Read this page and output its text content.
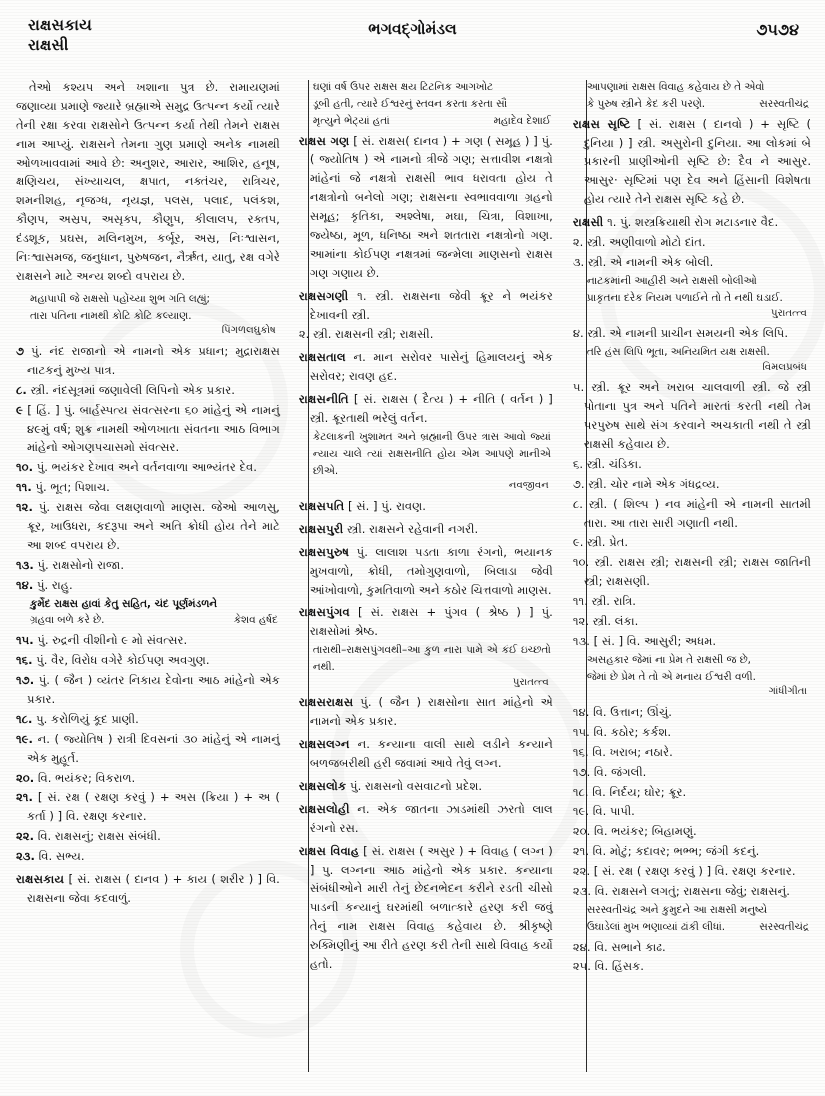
રાક્ષસકાય
રાક્ષસી
ભગવદ્ગોમંડલ	૭૫૭૪

તેઓ કશ્યપ અને ખશાના પુત્ર છે. રામાયણમાં જણાવ્યા પ્રમાણે જ્યારે બ્રહ્માએ સમુદ્ર ઉત્પન્ન કર્યો ત્યારે તેની રક્ષા કરવા રાક્ષસોને ઉત્પન્ન કર્યા તેથી તેમને રાક્ષસ નામ આપ્યું. રાક્ષસને તેમના ગુણ પ્રમાણે અનેક નામથી ઓળખાવવામાં આવે છે: અનુશર, આરાર, આશિર, હનૂષ, ક્ષણિચય, સંખ્યાચલ, ક્ષપાત, નક્તંચર, રાત્રિચર, શમનીશહ, નૃજગ્ધ, નૃયજ્ઞ, પલસ, પલાદ, પલંકશ, કૌણપ, અસ્રપ, અસૃક્પ, કૌણુપ, કીલાલપ, રક્તપ, દંડશૂક, પ્રઘસ, મલિનમુખ, કર્બૂર, અસ્ર, નિઃશ્વાસન, નિઃશ્વાસમજ, જનુધાન, પુરુષજન, નૈર્ઋત, યાતુ, રક્ષ વગેરે રાક્ષસને માટે અન્ય શબ્દો વપરાય છે.

મહાપાપી જે રાક્ષસો પહોંચ્યા શુભ ગતિ લહ્યું;
તારા પતિના નામથી કોટિ કોટિ કલ્યાણ.
પિંગળલઘુકોષ

૭ પું. નંદ રાજાનો એ નામનો એક પ્રધાન; મુદ્રારાક્ષસ નાટકનું મુખ્ય પાત્ર.

૮. સ્ત્રી. નંદસૂત્રમાં જણાવેલી લિપિનો એક પ્રકાર.

૯ [ હિં. ] પું. બાર્હસ્પત્ય સંવત્સરના ૬૦ માંહેનું એ નામનું ૪૯મું વર્ષ; શુક્ર નામથી ઓળખાતા સંવતના આઠ વિભાગ માંહેનો ઓગણપચાસમો સંવત્સર.

૧૦. પું. ભયંકર દેખાવ અને વર્તનવાળા આભ્યંતર દેવ.

૧૧. પું. ભૂત; પિશાચ.

૧૨. પું. રાક્ષસ જેવા લક્ષણવાળો માણસ. જેઓ આળસુ, ક્રૂર, ખાઉધરા, કદરૂપા અને અતિ ક્રોધી હોય તેને માટે આ શબ્દ વપરાય છે.

૧૩. પું. રાક્ષસોનો રાજા.

૧૪. પું. રાહુ.

કુર્મેદ રાક્ષસ હાવાં કેતુ સહિત, ચંદ પૂર્ણમંડળને
ગ્રહવા બળે કરે છે.	કેશવ હર્ષદ

૧૫. પું. રુદ્રની વીશીનો ૯ મો સંવત્સર.

૧૬. પું. વૈર, વિરોધ વગેરે કોઈપણ અવગુણ.

૧૭. પું. ( જૈન ) વ્યંતર નિકાય દેવોના આઠ માંહેનો એક પ્રકાર.

૧૮. પુ. કરોળિયું કૂદ પ્રાણી.

૧૯. ન. ( જ્યોતિષ ) રાત્રી દિવસનાં ૩૦ માંહેનું એ નામનું એક મુહૂર્ત.

૨૦. વિ. ભયંકર; વિકરાળ.

૨૧. [ સં. રક્ષ ( રક્ષણ કરવું ) + અસ (ક્રિયા ) + અ ( કર્તા ) ] વિ. રક્ષણ કરનાર.

૨૨. વિ. રાક્ષસનું; રાક્ષસ સંબંધી.

૨૩. વિ. સભ્ય.

રાક્ષસકાય [ સં. રાક્ષસ ( દાનવ ) + કાય ( શરીર ) ] વિ. રાક્ષસના જેવા કદવાળું.

ઘણાં વર્ષ ઉપર રાક્ષસ ક્ષય ટિટનિક આગખોટ
ડૂબી હતી, ત્યારે ઈશ્વરનું સ્તવન કરતા કરતા સૌ
મૃત્યુને ભેટ્યાં હતાં	મહાદેવ દેશાઈ

રાક્ષસ ગણ [ સં. રાક્ષસ( દાનવ ) + ગણ ( સમૂહ ) ] પું. ( જ્યોતિષ ) એ નામનો ત્રીજે ગણ; સત્તાવીશ નક્ષત્રો માંહેનાં જે નક્ષત્રો રાક્ષસી ભાવ ધરાવતા હોય તે નક્ષત્રોનો બનેલો ગણ; રાક્ષસના સ્વભાવવાળા ગ્રહનો સમૂહ; કૃતિકા, અશ્લેષા, મઘા, ચિત્રા, વિશાખા, જ્યેષ્ઠા, મૂળ, ધનિષ્ઠા અને શતતારા નક્ષત્રોનો ગણ. આમાંના કોઈપણ નક્ષત્રમાં જન્મેલા માણસનો રાક્ષસ ગણ ગણાય છે.

રાક્ષસગણી ૧. સ્ત્રી. રાક્ષસના જેવી ક્રૂર ને ભયંકર દેખાવની સ્ત્રી.

૨. સ્ત્રી. રાક્ષસની સ્ત્રી; રાક્ષસી.

રાક્ષસતાલ ન. માન સરોવર પાસેનું હિમાલયનું એક સરોવર; રાવણ હદ.

રાક્ષસનીતિ [ સં. રાક્ષસ ( દૈત્ય ) + નીતિ ( વર્તન ) ] સ્ત્રી. ક્રૂરતાથી ભરેલું વર્તન.

કેટલાકની ખુશામત અને બ્રહ્માની ઉપર ત્રાસ આવો જ્યાં ન્યાય ચાલે ત્યાં રાક્ષસનીતિ હોય એમ આપણે માનીએ છીએ.
નવજીવન

રાક્ષસપતિ [ સં. ] પું. રાવણ.

રાક્ષસપુરી સ્ત્રી. રાક્ષસને રહેવાની નગરી.

રાક્ષસપુરુષ પું. લાલાશ પડતા કાળા રંગનો, ભયાનક મુખવાળો, ક્રોધી, તમોગુણવાળો, બિલાડા જેવી આંખોવાળો, કુમતિવાળો અને કઠોર ચિત્તવાળો માણસ.

રાક્ષસપુંગવ [ સં. રાક્ષસ + પુંગવ ( શ્રેષ્ઠ ) ] પું. રાક્ષસોમાં શ્રેષ્ઠ.

તારાથી–રાક્ષસપુંગવથી–આ કુળ નારા પામે એ કંઈ ઇચ્છતો નથી.
પુરાતત્ત્વ

રાક્ષસરાક્ષસ પું. ( જૈન ) રાક્ષસોના સાત માંહેનો એ નામનો એક પ્રકાર.

રાક્ષસલગ્ન ન. કન્યાના વાલી સાથે લડીને કન્યાને બળજબરીથી હરી જવામાં આવે તેવું લગ્ન.

રાક્ષસલોક પું. રાક્ષસનો વસવાટનો પ્રદેશ.

રાક્ષસલોહી ન. એક જાતના ઝાડમાંથી ઝરતો લાલ રંગનો રસ.

રાક્ષસ વિવાહ [ સં. રાક્ષસ ( અસુર ) + વિવાહ ( લગ્ન ) ] પુ. લગ્નના આઠ માંહેનો એક પ્રકાર. કન્યાના સંબંધીઓને મારી તેનું છેદનભેદન કરીને રડતી ચીસો પાડની કન્યાનું ઘરમાંથી બળાત્કારે હરણ કરી જવું તેનું નામ રાક્ષસ વિવાહ કહેવાય છે. શ્રીકૃષ્ણે રુક્મિણીનું આ રીતે હરણ કરી તેની સાથે વિવાહ કર્યો હતો.

આપણામાં રાક્ષસ વિવાહ કહેવાય છે તે એવો
કે પુરુષ સ્ત્રીને કેદ કરી પરણે.	સરસ્વતીચંદ્ર

રાક્ષસ સૃષ્ટિ [ સં. રાક્ષસ ( દાનવો ) + સૃષ્ટિ ( દુનિયા ) ] સ્ત્રી. અસુરોની દુનિયા. આ લોકમાં બે પ્રકારની પ્રાણીઓની સૃષ્ટિ છે: દૈવ ને આસુર. આસુર· સૃષ્ટિમાં પણ દેવ અને હિંસાની વિશેષતા હોય ત્યારે તેને રાક્ષસ સૃષ્ટિ કહે છે.

રાક્ષસી ૧. પું. શસ્ત્રક્રિયાથી રોગ મટાડનાર વૈદ.

૨. સ્ત્રી. અણીવાળો મોટો દાંત.

૩. સ્ત્રી. એ નામની એક બોલી.

નાટકમાંની આહીરી અને રાક્ષસી બોલીઓ
પ્રાકૃતના દરેક નિયમ પળાઈને તો તે નથી ઘડાઈ.
પુરાતત્ત્વ

૪. સ્ત્રી. એ નામની પ્રાચીન સમયની એક લિપિ.

તરિ હંસ લિપિ ભૂતા, અનિયમિત યક્ષ રાક્ષસી.
વિમલપ્રબંધ

૫. સ્ત્રી. ક્રૂર અને ખરાબ ચાલવાળી સ્ત્રી. જે સ્ત્રી પોતાના પુત્ર અને પતિને મારતાં કરતી નથી તેમ પરપુરુષ સાથે સંગ કરવાને અચકાતી નથી તે સ્ત્રી રાક્ષસી કહેવાય છે.

૬. સ્ત્રી. ચંડિકા.

૭. સ્ત્રી. ચોર નામે એક ગંધદ્રવ્ય.

૮. સ્ત્રી. ( શિલ્પ ) નવ માંહેની એ નામની સાતમી તારા. આ તારા સારી ગણાતી નથી.

૯. સ્ત્રી. પ્રેત.

૧૦. સ્ત્રી. રાક્ષસ સ્ત્રી; રાક્ષસની સ્ત્રી; રાક્ષસ જાતિની સ્ત્રી; રાક્ષસણી.

૧૧. સ્ત્રી. રાત્રિ.

૧૨. સ્ત્રી. લંકા.

૧૩. [ સં. ] વિ. આસુરી; અધમ.

અસહકાર જેમાં ના પ્રેમ તે રાક્ષસી જ છે,
જેમાં છે પ્રેમ તે તો એ મનાય ઈશ્વરી વળી.
ગાંધીગીતા

૧૪. વિ. ઉત્તાન; ઊંચું.

૧૫. વિ. કઠોર; કર્કશ.

૧૬. વિ. ખરાબ; નઠારે.

૧૭. વિ. જંગલી.

૧૮. વિ. નિર્દય; ઘોર; ક્રૂર.

૧૯. વિ. પાપી.

૨૦. વિ. ભયંકર; બિહામણું.

૨૧. વિ. મોટું; કદાવર; ભભ્ભ; જંગી કદનું.

૨૨. [ સં. રક્ષ ( રક્ષણ કરવું ) ] વિ. રક્ષણ કરનાર.

૨૩. વિ. રાક્ષસને લગતું; રાક્ષસના જેવું; રાક્ષસનું.

સરસ્વતીચંદ્ર અને કુમુદને આ રાક્ષસી મનુષ્યે
ઉઘાડેલાં મુખ ભણાવ્યાં ઢાંકી લીધાં.	સરસ્વતીચંદ્ર

૨૪. વિ. સભાને કાઢ.

૨૫. વિ. હિંસક.
